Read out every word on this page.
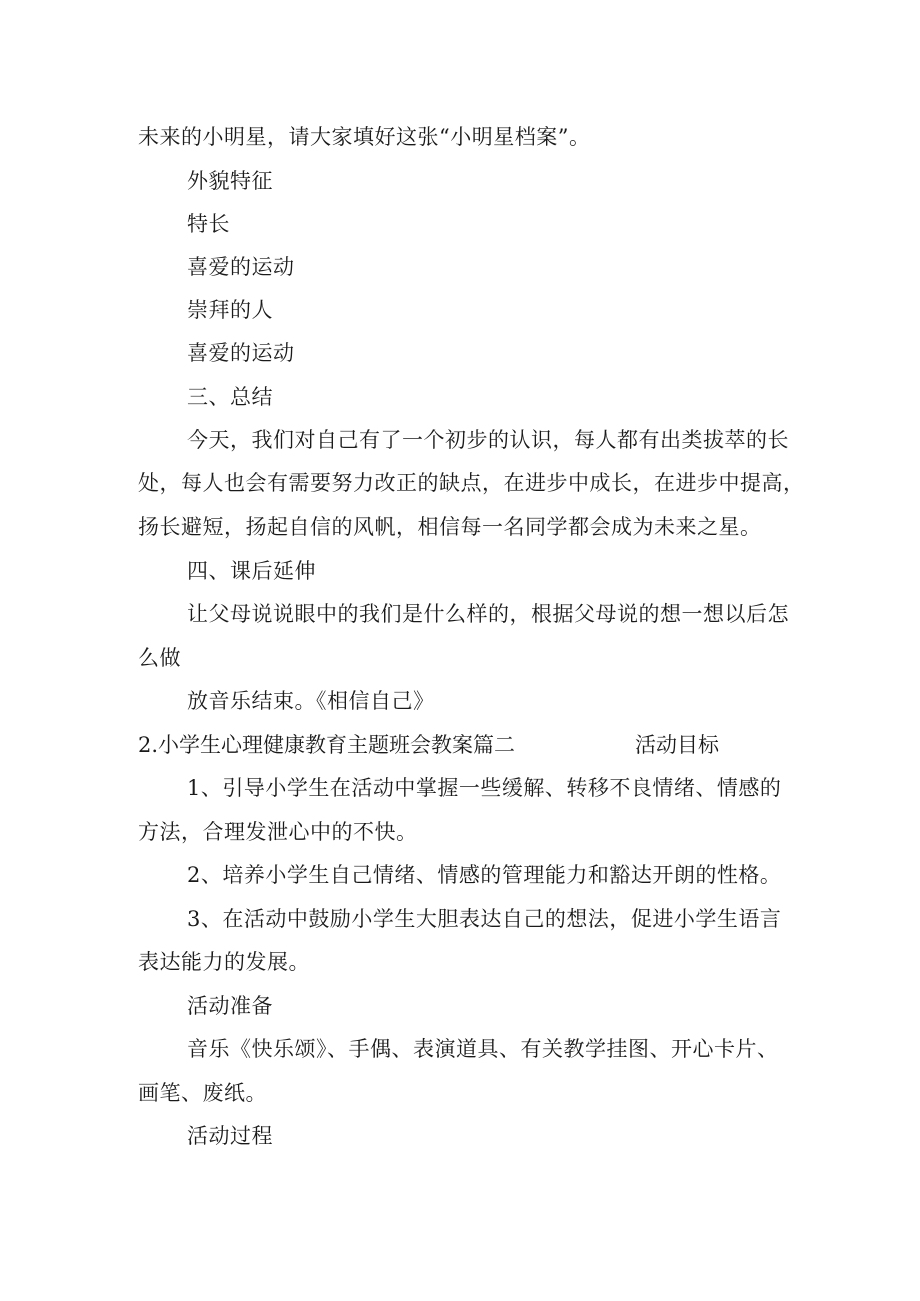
未来的小明星，请大家填好这张“小明星档案”。
外貌特征
特长
喜爱的运动
崇拜的人
喜爱的运动
三、总结
今天，我们对自己有了一个初步的认识，每人都有出类拔萃的长
处，每人也会有需要努力改正的缺点，在进步中成长，在进步中提高，
扬长避短，扬起自信的风帆，相信每一名同学都会成为未来之星。
四、课后延伸
让父母说说眼中的我们是什么样的，根据父母说的想一想以后怎
么做
放音乐结束。《相信自己》
2.小学生心理健康教育主题班会教案篇二	活动目标
1、引导小学生在活动中掌握一些缓解、转移不良情绪、情感的
方法，合理发泄心中的不快。
2、培养小学生自己情绪、情感的管理能力和豁达开朗的性格。
3、在活动中鼓励小学生大胆表达自己的想法，促进小学生语言
表达能力的发展。
活动准备
音乐《快乐颂》、手偶、表演道具、有关教学挂图、开心卡片、
画笔、废纸。
活动过程
